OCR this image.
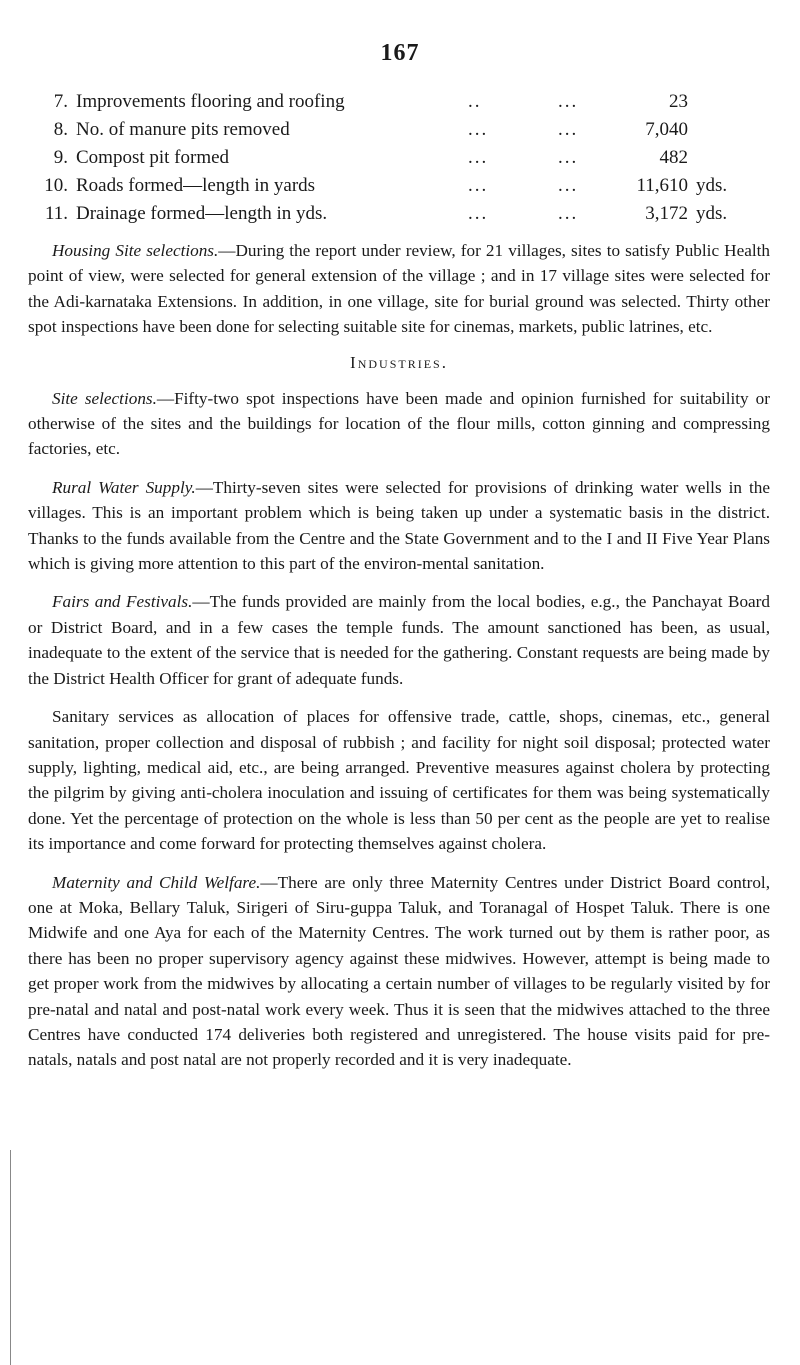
167
7. Improvements flooring and roofing	..	...	23
8. No. of manure pits removed	...	...	7,040
9. Compost pit formed	...	...	482
10. Roads formed—length in yards	...	...	11,610 yds.
11. Drainage formed—length in yds.	...	...	3,172 yds.

Housing Site selections.—During the report under review, for 21 villages, sites to satisfy Public Health point of view, were selected for general extension of the village ; and in 17 village sites were selected for the Adi-karnataka Extensions. In addition, in one village, site for burial ground was selected. Thirty other spot inspections have been done for selecting suitable site for cinemas, markets, public latrines, etc.

Industries.

Site selections.—Fifty-two spot inspections have been made and opinion furnished for suitability or otherwise of the sites and the buildings for location of the flour mills, cotton ginning and compressing factories, etc.

Rural Water Supply.—Thirty-seven sites were selected for provisions of drinking water wells in the villages. This is an important problem which is being taken up under a systematic basis in the district. Thanks to the funds available from the Centre and the State Government and to the I and II Five Year Plans which is giving more attention to this part of the environ-mental sanitation.

Fairs and Festivals.—The funds provided are mainly from the local bodies, e.g., the Panchayat Board or District Board, and in a few cases the temple funds. The amount sanctioned has been, as usual, inadequate to the extent of the service that is needed for the gathering. Constant requests are being made by the District Health Officer for grant of adequate funds.

Sanitary services as allocation of places for offensive trade, cattle, shops, cinemas, etc., general sanitation, proper collection and disposal of rubbish ; and facility for night soil disposal; protected water supply, lighting, medical aid, etc., are being arranged. Preventive measures against cholera by protecting the pilgrim by giving anti-cholera inoculation and issuing of certificates for them was being systematically done. Yet the percentage of protection on the whole is less than 50 per cent as the people are yet to realise its importance and come forward for protecting themselves against cholera.

Maternity and Child Welfare.—There are only three Maternity Centres under District Board control, one at Moka, Bellary Taluk, Sirigeri of Siru-guppa Taluk, and Toranagal of Hospet Taluk. There is one Midwife and one Aya for each of the Maternity Centres. The work turned out by them is rather poor, as there has been no proper supervisory agency against these midwives. However, attempt is being made to get proper work from the midwives by allocating a certain number of villages to be regularly visited by for pre-natal and natal and post-natal work every week. Thus it is seen that the midwives attached to the three Centres have conducted 174 deliveries both registered and unregistered. The house visits paid for pre-natals, natals and post natal are not properly recorded and it is very inadequate.
